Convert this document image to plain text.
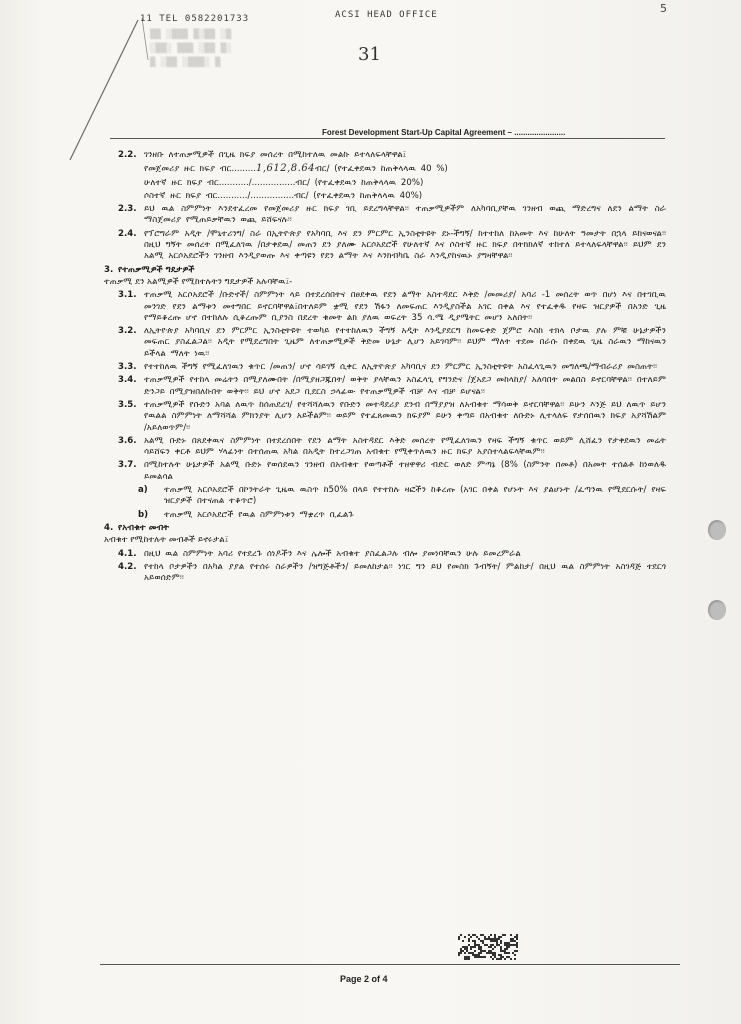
11 TEL 0582201733	ACSI HEAD OFFICE	5
▒▒ ░▒▒▒ ▒░▒▒ ░▒
░▒▒░ ▒▒▒ ░▒▒ ▒░
▒ ░▒▒ ░▒▒▒░ ▒	31
Forest Development Start-Up Capital Agreement – .......................
2.2. ገንዘቡ ለተጠቃሚዎች በጊዜ ክፍያ መሰረት በሚከተለዉ መልኩ ይተላለፍላቸዋል፤
የመጀመሪያ ዙር ክፍያ ብር.........1,612,8.64ብር/ (የተፈቀደዉን ከጠቅላላዉ 40 %)
ሁለተኛ ዙር ክፍያ ብር.........../................ብር/ (የተፈቀደዉን ከጠቅላላዉ 20%)
ሶስተኛ ዙር ክፍያ ብር.........../................ብር/ (የተፈቀደዉን ከጠቅላላዉ 40%)
2.3. ይህ ዉል ስምምነት እንደተፈረመ የመጀመሪያ ዙር ክፍያ ገቢ ይደረግላቸዋል፡፡ ተጠቃሚዎችም ለአካባቢያቸዉ ገንዘብ ወጪ ማድረግና ለደን ልማት ስራ ማስጀመሪያ የሚጠይቃቸዉን ወጪ ይሸፍናሉ፡፡
2.4. የፕሮግራም አዲት /ሞኒተሪንግ/ ስራ በኢትዮጵያ የአካባቢ እና ደን ምርምር ኢንስቲትዩት ደኑ-ችግኝ/ ከተተከለ ከአመት እና ከሁለት ዓመታት በኋላ ይከናወናል፡፡ በዚህ ግኝት መሰረት በሚፈለገዉ /በታቀደዉ/ መጠን ደን ያለሙ አርሶአደሮች የሁለተኛ እና ሶስተኛ ዙር ክፍያ በትክክለኛ ተከተለ ይተላለፍላቸዋል፡፡ ይህም ደን አልሚ አርሶአደሮችን ገንዘብ እንዲያወጡ እና ቀጣዩን የደን ልማት እና እንክብካቤ ስራ እንዲያከናዉኑ ያግዛቸዋል፡፡
3. የተጠቃሚዎች ግዴታዎች
ተጠቃሚ ደን አልሚዎች የሚከተሉትን ግዴታዎች አሉባቸዉ፤-
3.1. ተጠቃሚ አርሶአደሮች /ቡድኖች/ ስምምነት ላይ በተደረሰበትና በፀደቀዉ የደን ልማት አስተዳደር እቅድ /መመሪያ/ አባሪ -1 መሰረት ወጥ በሆነ እና በተገቢዉ መንገድ የደን ልማቱን መተግበር ይኖርባቸዋል፤በተለይም ቋሚ የደን ሽፋን ለመፍጠር እንዲያስችል አገር በቀል እና የተፈቀዱ የዛፍ ዝርያዎች በአንድ ጊዜ የማይቆረጡ ሆኖ በተከለሉ ሲቆረጡም ቢያንስ በደረት ቁመት ልክ ያለዉ ወፍረት 35 ሳ.ሜ ዲያሜትር መሆን አለበት፡፡
3.2. ለኢትዮጵያ አካባቢና ደን ምርምር ኢንስቲትዩት ተወካይ የተተከለዉን ችግኝ አዲት እንዲያደርግ ከመፍቀድ ጀምሮ እስከ ተክላ ቦታዉ ያሉ ምቹ ሁኔታዎችን መፍጠር ያስፈልጋል፡፡ አዲት የሚደረግበት ጊዜም ለተጠቃሚዎች ቅድመ ሁኔታ ሊሆን አይገባም፡፡ ይህም ማለት ተደመ በራሱ በቀደዉ ጊዜ ስራዉን ማከናዉን ይችላል ማለት ነዉ፡፡
3.3. የተተከለዉ ችግኝ የሚፈለገዉን ቁጥር /መጠን/ ሆኖ ሳይገኝ ሲቀር ለኢትዮጵያ አካባቢና ደን ምርምር ኢንስቲትዩት አስፈላጊዉን መግለጫ/ማብራሪያ መስጠት፡፡
3.4. ተጠቃሚዎች የተከላ መሬትን በሚያለሙበት /በሚያዘጋጁበት/ ወቅት ያላቸዉን አስፈላጊ የግንድና /ጀአደጋ መከላከያ/ አለባበት መልበስ ይኖርባቸዋል፡፡ በተለይም ድንጋይ በሚያዝበለኩበት ወቅት፡፡ ይህ ሆኖ አደጋ ቢደርስ ኃላፊው የተጠቃሚዎች ብቻ እና ብቻ ይሆናል፡፡
3.5. ተጠቃሚዎች የቡድን አባል ለዉጥ ከሰጠደረገ/ የተሻሻለዉን የቡድን መተዳደሪያ ደንብ በማያያዝ ለአብቁተ ማሳወቅ ይኖርባቸዋል፡፡ ይሁን እንጅ ይህ ለዉጥ ይሆን የዉልል ስምምነት ለማሻሻል ምክንያት ሊሆን አይችልም፡፡ ወይም የተፈጸመዉን ክፍያም ይሁን ቀጣይ በአብቁተ ለቡድኑ ሊተላለፍ የታሰበዉን ክፍያ አያሻሽልም /አይለወጥም/፡፡
3.6. አልሚ ቡድኑ በጸደቀዉና ስምምነት በተደረሰበት የደን ልማት አስተዳደር እቅድ መሰረት የሚፈለገዉን የዛፍ ችግኝ ቁጥር ወይም ሊሸፈን የታቀደዉን መሬት ሳይሸፍን ቀርቶ ይህም ሃላፊነት በተሰጠዉ አካል በአዲት ከተረጋገጠ አብቁተ የሚቀጥለዉን ዙር ክፍያ አያስተላልፍላቸዉም፡፡
3.7. በሚከተሉት ሁኔታዎች አልሚ ቡድኑ የወሰደዉን ገንዘብ በአብቁተ የወጣቶች ተዘዋዋሪ ብድር ወለድ ምጣኔ (8% (ስምንት በመቶ) በአመት ተሰልቶ ከነወለዱ ይመልሳል
a)	ተጠቃሚ አርሶአደሮች በኮንትራት ጊዜዉ ዉስጥ ከ50% በላይ የተተከሉ ዛፎችን ከቆረጡ (አገር በቀል የሆኑት እና ያልሆኑት /ፈጣንዉ የሚደርሱት/ የዛፍ ዝርያዎች በተናጠል ተቆጥሮ)
b)	ተጠቃሚ አርሶአደሮች የዉል ስምምነቱን ማቋረጥ ቢፈልጉ
4. የአብቁተ መብት
አብቁተ የሚከተሉት መብቶች ይኖሩታል፤
4.1. በዚህ ዉል ስምምነት አባሪ የተደረጉ ሰነዶችን እና ሌሎች አብቁተ ያስፈልጋሉ ብሎ ያመነባቸዉን ሁሉ ይመረምራል
4.2. የተከላ ቦታዎችን በአካል ያያል የተሰሩ ስራዎችን /ዝግጅቶችን/ ይመለከታል፡፡ ነገር ግን ይህ የመስክ ጉብኝት/ ምልከታ/ በዚህ ዉል ስምምነት አስገዳጅ ተደርጎ አይወሰድም፡፡
Page 2 of 4
